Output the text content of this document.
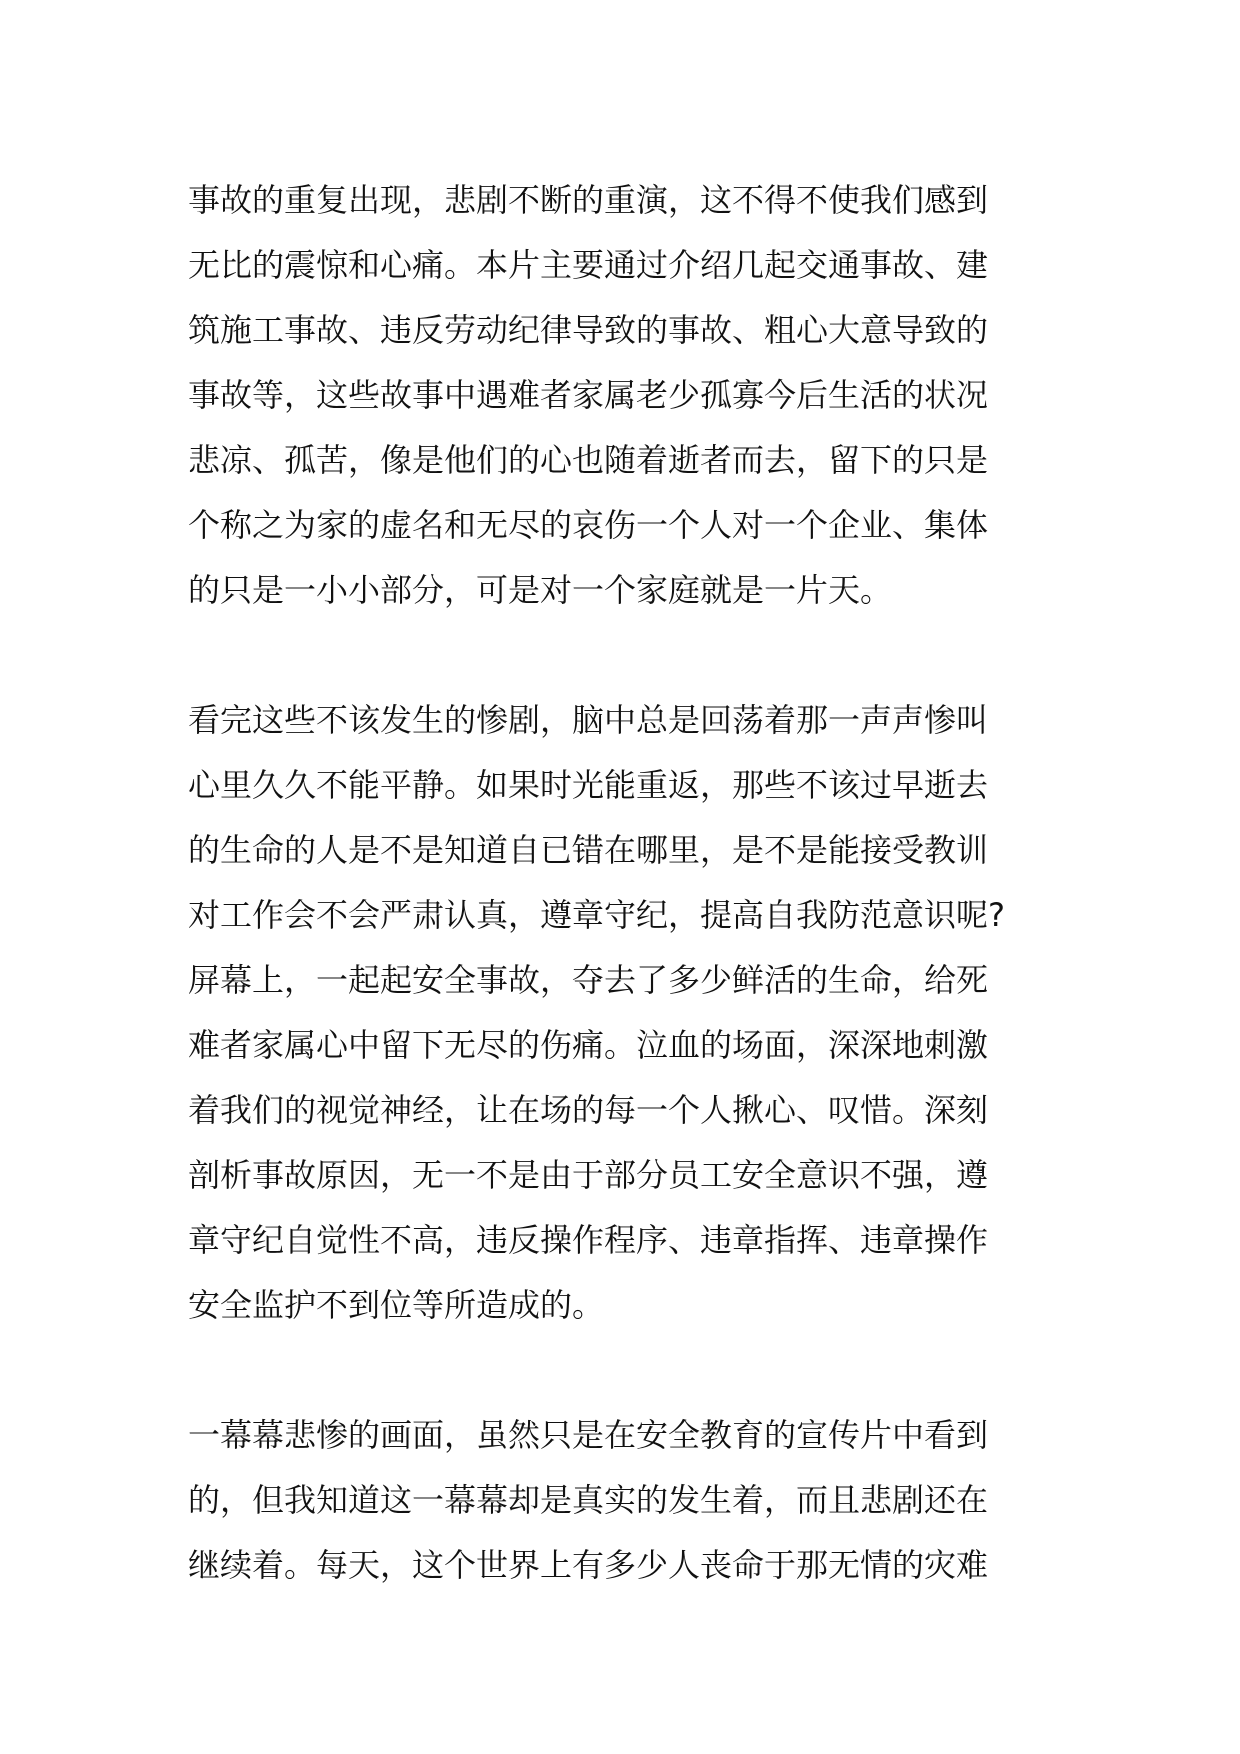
事故的重复出现，悲剧不断的重演，这不得不使我们感到
无比的震惊和心痛。本片主要通过介绍几起交通事故、建
筑施工事故、违反劳动纪律导致的事故、粗心大意导致的
事故等，这些故事中遇难者家属老少孤寡今后生活的状况
悲凉、孤苦，像是他们的心也随着逝者而去，留下的只是
个称之为家的虚名和无尽的哀伤一个人对一个企业、集体
的只是一小小部分，可是对一个家庭就是一片天。

看完这些不该发生的惨剧，脑中总是回荡着那一声声惨叫
心里久久不能平静。如果时光能重返，那些不该过早逝去
的生命的人是不是知道自已错在哪里，是不是能接受教训
对工作会不会严肃认真，遵章守纪，提高自我防范意识呢?
屏幕上，一起起安全事故，夺去了多少鲜活的生命，给死
难者家属心中留下无尽的伤痛。泣血的场面，深深地刺激
着我们的视觉神经，让在场的每一个人揪心、叹惜。深刻
剖析事故原因，无一不是由于部分员工安全意识不强，遵
章守纪自觉性不高，违反操作程序、违章指挥、违章操作
安全监护不到位等所造成的。

一幕幕悲惨的画面，虽然只是在安全教育的宣传片中看到
的，但我知道这一幕幕却是真实的发生着，而且悲剧还在
继续着。每天，这个世界上有多少人丧命于那无情的灾难
